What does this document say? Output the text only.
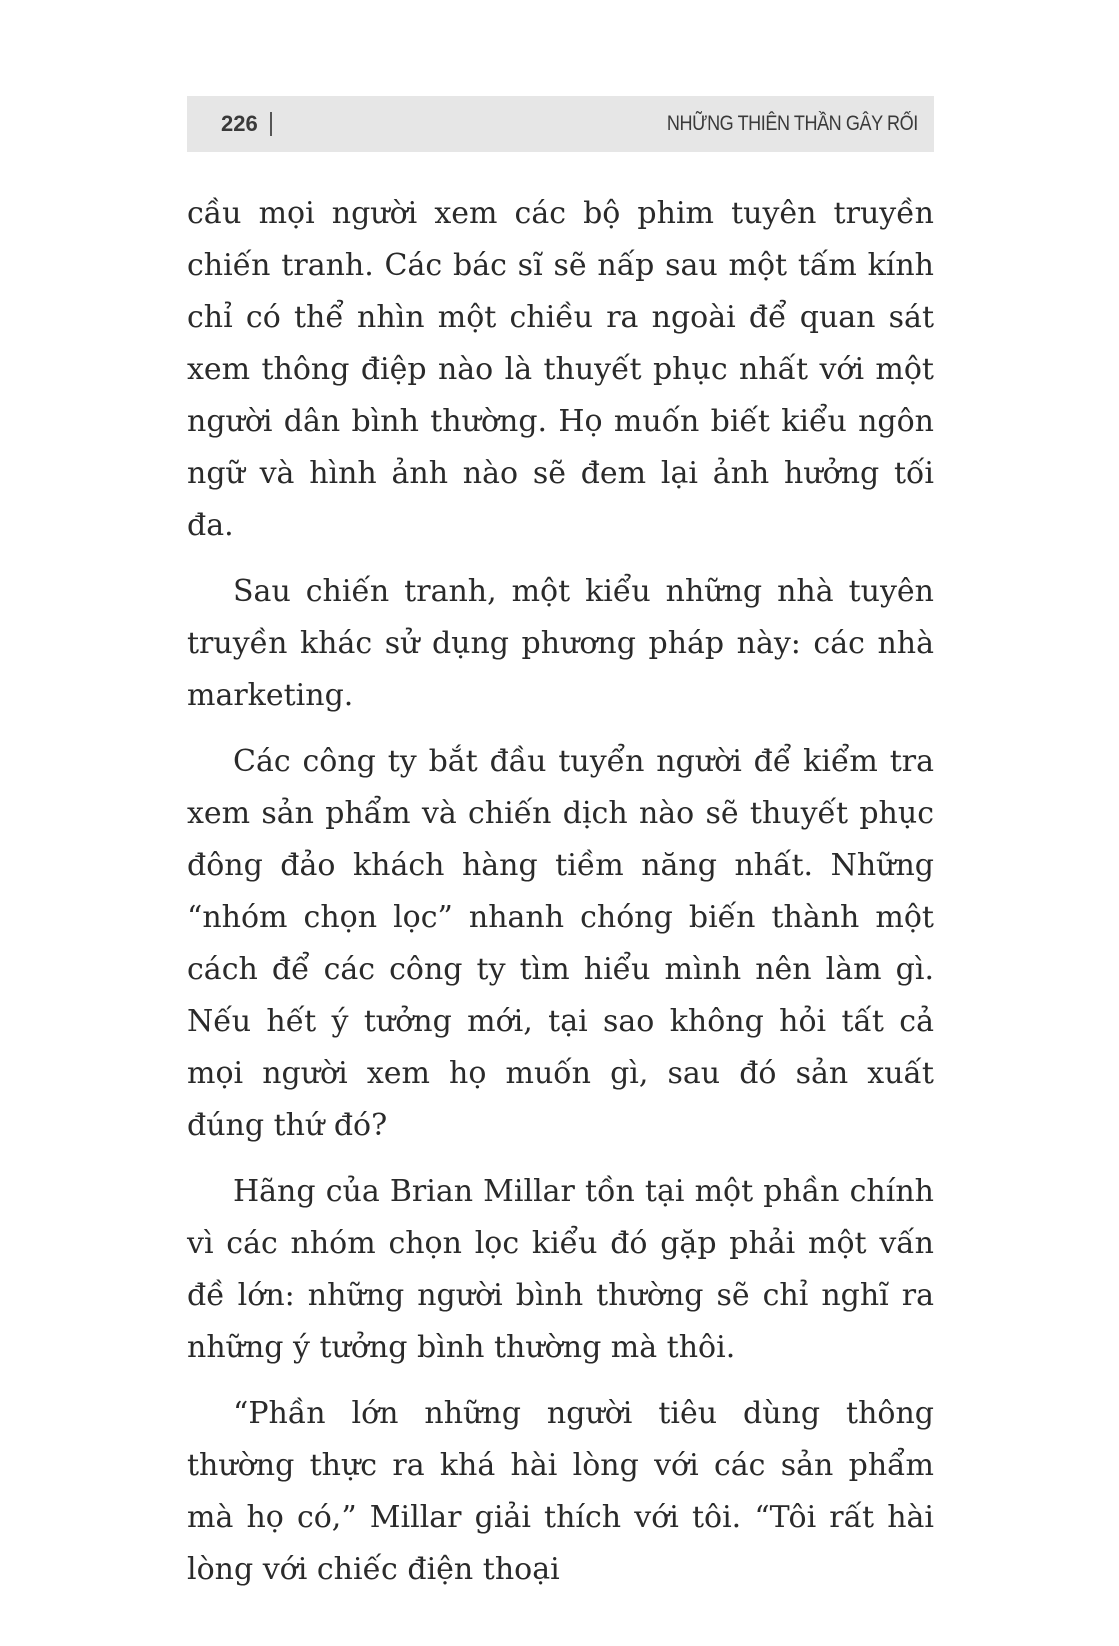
226	NHỮNG THIÊN THẦN GÂY RỐI

cầu mọi người xem các bộ phim tuyên truyền chiến tranh. Các bác sĩ sẽ nấp sau một tấm kính chỉ có thể nhìn một chiều ra ngoài để quan sát xem thông điệp nào là thuyết phục nhất với một người dân bình thường. Họ muốn biết kiểu ngôn ngữ và hình ảnh nào sẽ đem lại ảnh hưởng tối đa.

Sau chiến tranh, một kiểu những nhà tuyên truyền khác sử dụng phương pháp này: các nhà marketing.

Các công ty bắt đầu tuyển người để kiểm tra xem sản phẩm và chiến dịch nào sẽ thuyết phục đông đảo khách hàng tiềm năng nhất. Những “nhóm chọn lọc” nhanh chóng biến thành một cách để các công ty tìm hiểu mình nên làm gì. Nếu hết ý tưởng mới, tại sao không hỏi tất cả mọi người xem họ muốn gì, sau đó sản xuất đúng thứ đó?

Hãng của Brian Millar tồn tại một phần chính vì các nhóm chọn lọc kiểu đó gặp phải một vấn đề lớn: những người bình thường sẽ chỉ nghĩ ra những ý tưởng bình thường mà thôi.

“Phần lớn những người tiêu dùng thông thường thực ra khá hài lòng với các sản phẩm mà họ có,” Millar giải thích với tôi. “Tôi rất hài lòng với chiếc điện thoại
